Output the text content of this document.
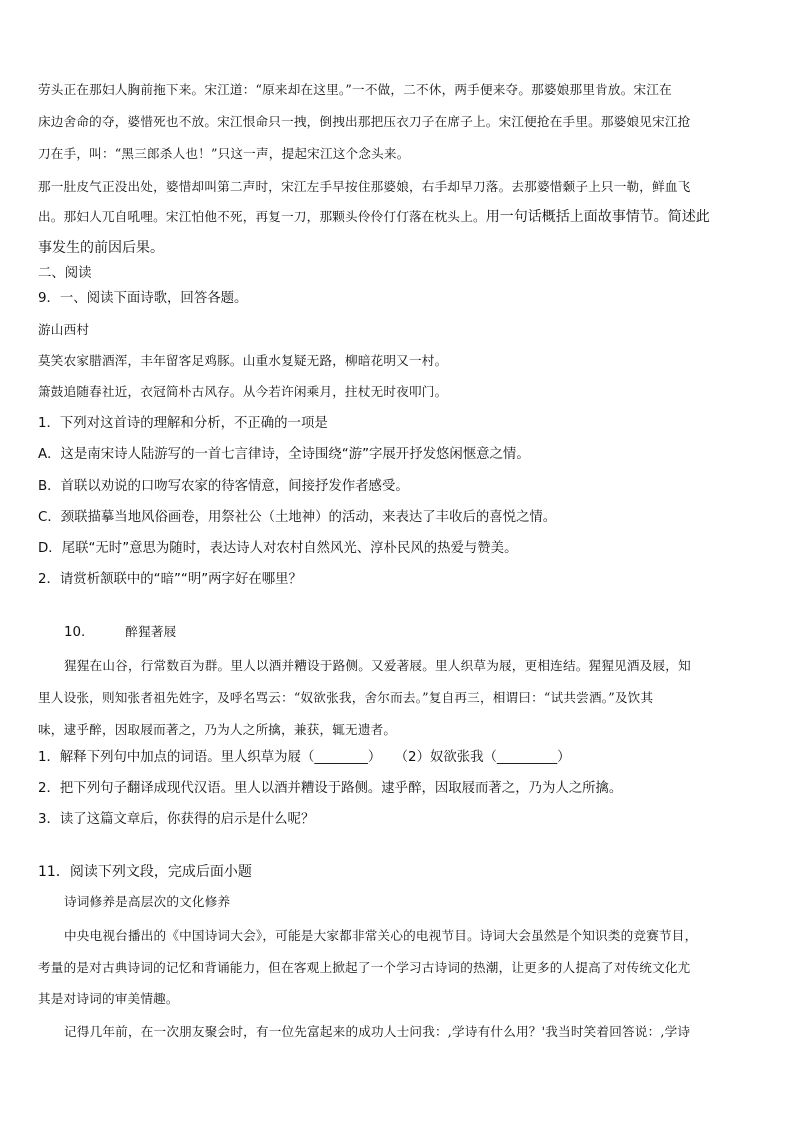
劳头正在那妇人胸前拖下来。宋江道：“原来却在这里。”一不做，二不休，两手便来夺。那婆娘那里肯放。宋江在
床边舍命的夺，婆惜死也不放。宋江恨命只一拽，倒拽出那把压衣刀子在席子上。宋江便抢在手里。那婆娘见宋江抢
刀在手，叫：“黑三郎杀人也！”只这一声，提起宋江这个念头来。
那一肚皮气正没出处，婆惜却叫第二声时，宋江左手早按住那婆娘，右手却早刀落。去那婆惜颡子上只一勒，鲜血飞
出。那妇人兀自吼哩。宋江怕他不死，再复一刀，那颗头伶伶仃仃落在枕头上。用一句话概括上面故事情节。简述此
事发生的前因后果。
二、阅读
9．一、阅读下面诗歌，回答各题。
游山西村
莫笑农家腊酒浑，丰年留客足鸡豚。山重水复疑无路，柳暗花明又一村。
箫鼓追随春社近，衣冠简朴古风存。从今若许闲乘月，拄杖无时夜叩门。
1．下列对这首诗的理解和分析，不正确的一项是
A．这是南宋诗人陆游写的一首七言律诗，全诗围绕“游”字展开抒发悠闲惬意之情。
B．首联以劝说的口吻写农家的待客情意，间接抒发作者感受。
C．颈联描摹当地风俗画卷，用祭社公（土地神）的活动，来表达了丰收后的喜悦之情。
D．尾联“无时”意思为随时，表达诗人对农村自然风光、淳朴民风的热爱与赞美。
2．请赏析颔联中的“暗”“明”两字好在哪里？
10.	醉猩著屐
猩猩在山谷，行常数百为群。里人以酒并糟设于路侧。又爱著屐。里人织草为屐，更相连结。猩猩见酒及屐，知
里人设张，则知张者祖先姓字，及呼名骂云：“奴欲张我，舍尔而去。”复自再三，相谓曰：“试共尝酒。”及饮其
味，逮乎醉，因取屐而著之，乃为人之所擒，兼获，辄无遗者。
1．解释下列句中加点的词语。里人织草为屐（________）　　（2）奴欲张我（_________）
2．把下列句子翻译成现代汉语。里人以酒并糟设于路侧。逮乎醉，因取屐而著之，乃为人之所擒。
3．读了这篇文章后，你获得的启示是什么呢？
11．阅读下列文段，完成后面小题
诗词修养是高层次的文化修养
中央电视台播出的《中国诗词大会》，可能是大家都非常关心的电视节目。诗词大会虽然是个知识类的竞赛节目，
考量的是对古典诗词的记忆和背诵能力，但在客观上掀起了一个学习古诗词的热潮，让更多的人提高了对传统文化尤
其是对诗词的审美情趣。
记得几年前，在一次朋友聚会时，有一位先富起来的成功人士问我：,学诗有什么用？'我当时笑着回答说：,学诗
